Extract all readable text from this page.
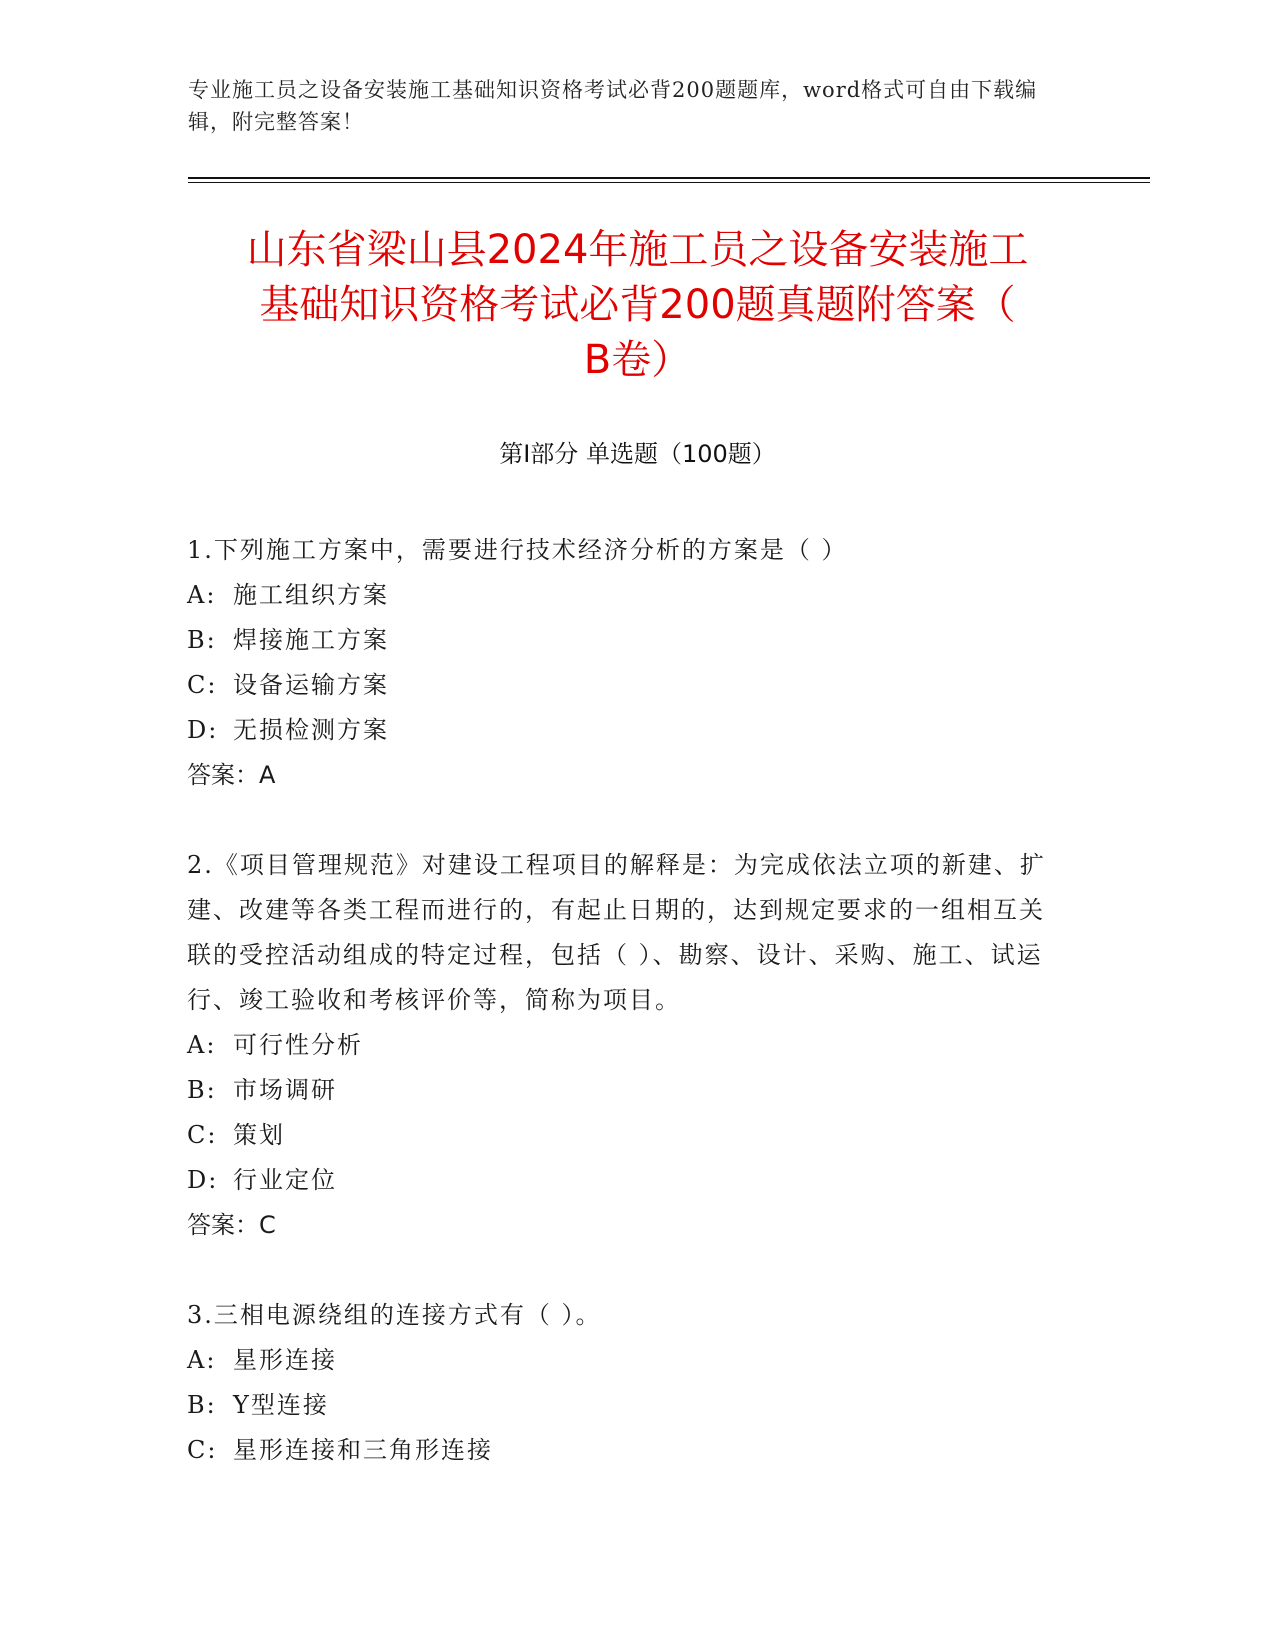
专业施工员之设备安装施工基础知识资格考试必背200题题库，word格式可自由下载编辑，附完整答案！
山东省梁山县2024年施工员之设备安装施工
基础知识资格考试必背200题真题附答案（
B卷）
第Ⅰ部分 单选题（100题）

1.下列施工方案中，需要进行技术经济分析的方案是（ ）

A: 施工组织方案
B: 焊接施工方案
C: 设备运输方案
D: 无损检测方案

答案：A

2.《项目管理规范》对建设工程项目的解释是：为完成依法立项的新建、扩建、改建等各类工程而进行的，有起止日期的，达到规定要求的一组相互关联的受控活动组成的特定过程，包括（ ）、勘察、设计、采购、施工、试运行、竣工验收和考核评价等，简称为项目。

A: 可行性分析
B: 市场调研
C: 策划
D: 行业定位

答案：C

3.三相电源绕组的连接方式有（ ）。

A: 星形连接
B: Y型连接
C: 星形连接和三角形连接
